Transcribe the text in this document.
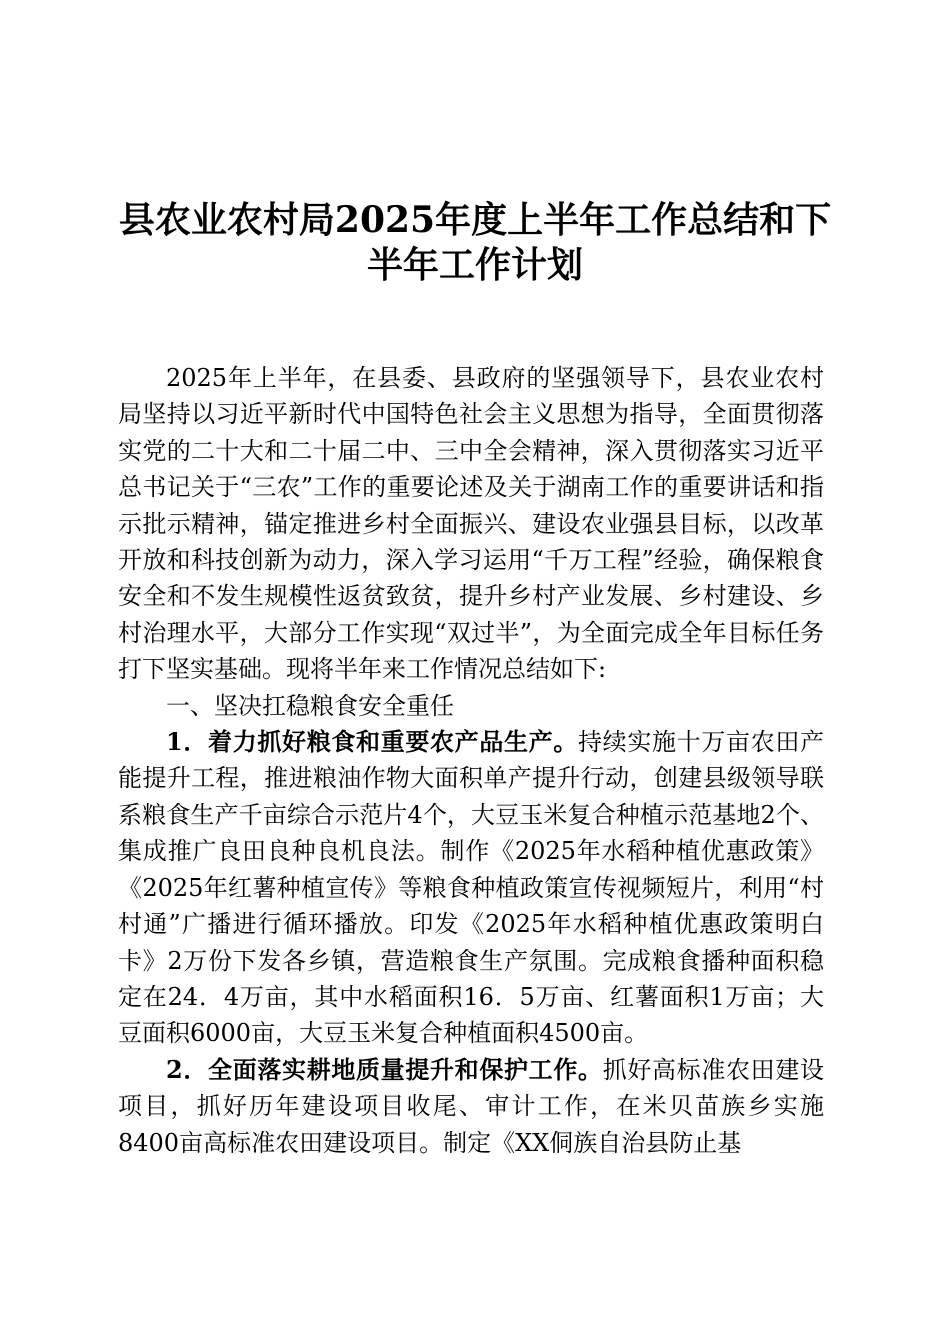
县农业农村局2025年度上半年工作总结和下
半年工作计划

2025年上半年，在县委、县政府的坚强领导下，县农业农村局坚持以习近平新时代中国特色社会主义思想为指导，全面贯彻落实党的二十大和二十届二中、三中全会精神，深入贯彻落实习近平总书记关于“三农”工作的重要论述及关于湖南工作的重要讲话和指示批示精神，锚定推进乡村全面振兴、建设农业强县目标，以改革开放和科技创新为动力，深入学习运用“千万工程”经验，确保粮食安全和不发生规模性返贫致贫，提升乡村产业发展、乡村建设、乡村治理水平，大部分工作实现“双过半”，为全面完成全年目标任务打下坚实基础。现将半年来工作情况总结如下:

一、坚决扛稳粮食安全重任

1．着力抓好粮食和重要农产品生产。持续实施十万亩农田产能提升工程，推进粮油作物大面积单产提升行动，创建县级领导联系粮食生产千亩综合示范片4个，大豆玉米复合种植示范基地2个、集成推广良田良种良机良法。制作《2025年水稻种植优惠政策》《2025年红薯种植宣传》等粮食种植政策宣传视频短片，利用“村村通”广播进行循环播放。印发《2025年水稻种植优惠政策明白卡》2万份下发各乡镇，营造粮食生产氛围。完成粮食播种面积稳定在24．4万亩，其中水稻面积16．5万亩、红薯面积1万亩；大豆面积6000亩，大豆玉米复合种植面积4500亩。

2．全面落实耕地质量提升和保护工作。抓好高标准农田建设项目，抓好历年建设项目收尾、审计工作，在米贝苗族乡实施8400亩高标准农田建设项目。制定《XX侗族自治县防止基
